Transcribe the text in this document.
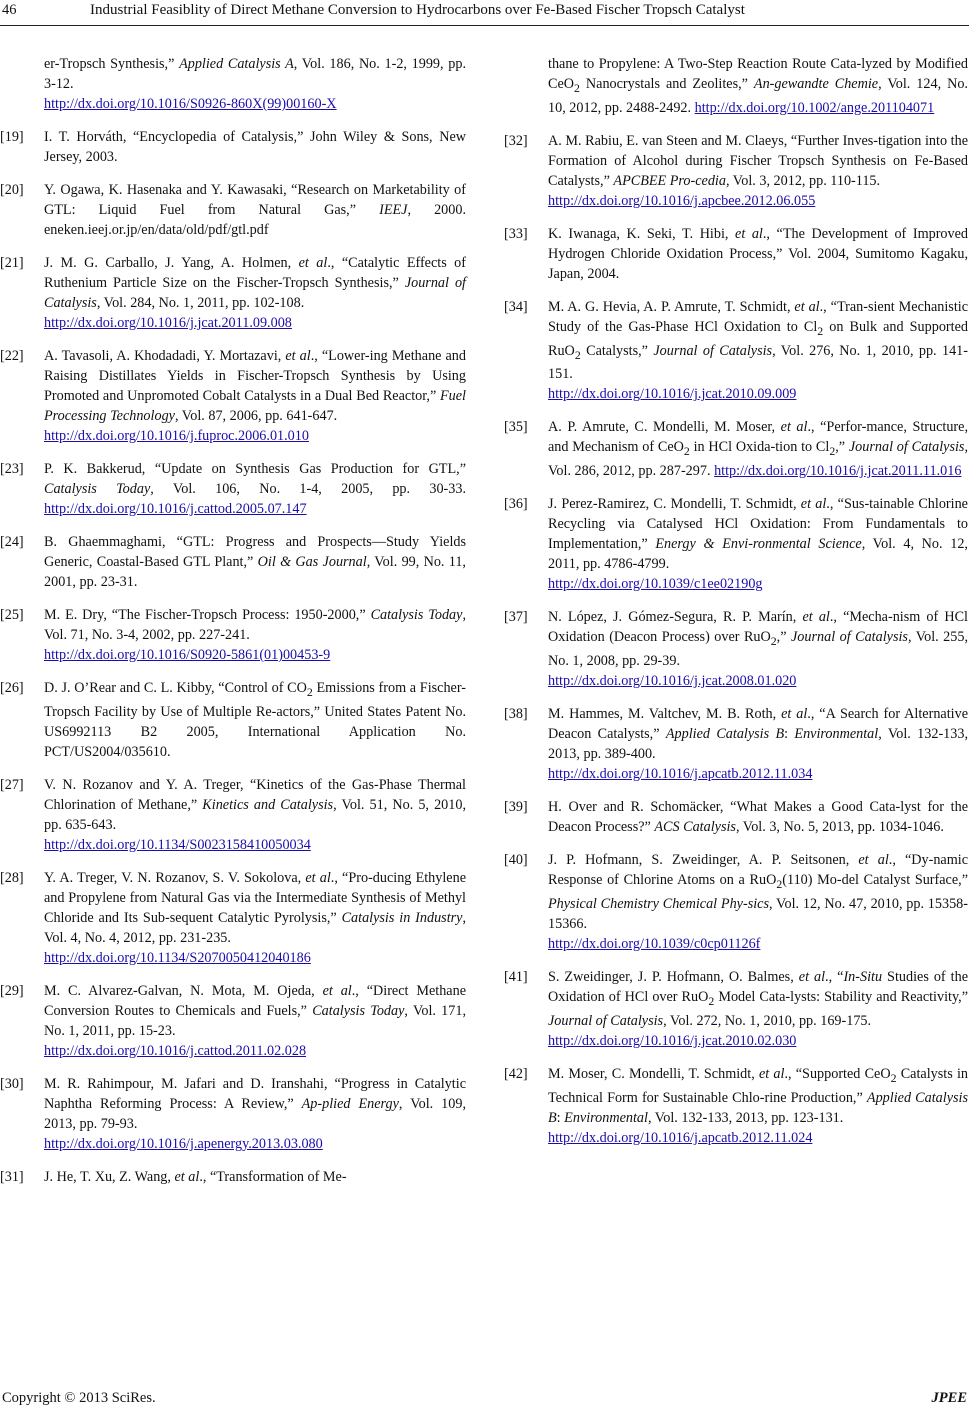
46	Industrial Feasiblity of Direct Methane Conversion to Hydrocarbons over Fe-Based Fischer Tropsch Catalyst
er-Tropsch Synthesis,” Applied Catalysis A, Vol. 186, No. 1-2, 1999, pp. 3-12.
http://dx.doi.org/10.1016/S0926-860X(99)00160-X
[19]	I. T. Horváth, “Encyclopedia of Catalysis,” John Wiley & Sons, New Jersey, 2003.
[20]	Y. Ogawa, K. Hasenaka and Y. Kawasaki, “Research on Marketability of GTL: Liquid Fuel from Natural Gas,” IEEJ, 2000. eneken.ieej.or.jp/en/data/old/pdf/gtl.pdf
[21]	J. M. G. Carballo, J. Yang, A. Holmen, et al., “Catalytic Effects of Ruthenium Particle Size on the Fischer-Tropsch Synthesis,” Journal of Catalysis, Vol. 284, No. 1, 2011, pp. 102-108.
http://dx.doi.org/10.1016/j.jcat.2011.09.008
[22]	A. Tavasoli, A. Khodadadi, Y. Mortazavi, et al., “Lower-ing Methane and Raising Distillates Yields in Fischer-Tropsch Synthesis by Using Promoted and Unpromoted Cobalt Catalysts in a Dual Bed Reactor,” Fuel Processing Technology, Vol. 87, 2006, pp. 641-647.
http://dx.doi.org/10.1016/j.fuproc.2006.01.010
[23]	P. K. Bakkerud, “Update on Synthesis Gas Production for GTL,” Catalysis Today, Vol. 106, No. 1-4, 2005, pp. 30-33. http://dx.doi.org/10.1016/j.cattod.2005.07.147
[24]	B. Ghaemmaghami, “GTL: Progress and Prospects—Study Yields Generic, Coastal-Based GTL Plant,” Oil & Gas Journal, Vol. 99, No. 11, 2001, pp. 23-31.
[25]	M. E. Dry, “The Fischer-Tropsch Process: 1950-2000,” Catalysis Today, Vol. 71, No. 3-4, 2002, pp. 227-241.
http://dx.doi.org/10.1016/S0920-5861(01)00453-9
[26]	D. J. O’Rear and C. L. Kibby, “Control of $CO_2$ Emissions from a Fischer-Tropsch Facility by Use of Multiple Re-actors,” United States Patent No. US6992113 B2 2005, International Application No. PCT/US2004/035610.
[27]	V. N. Rozanov and Y. A. Treger, “Kinetics of the Gas-Phase Thermal Chlorination of Methane,” Kinetics and Catalysis, Vol. 51, No. 5, 2010, pp. 635-643.
http://dx.doi.org/10.1134/S0023158410050034
[28]	Y. A. Treger, V. N. Rozanov, S. V. Sokolova, et al., “Pro-ducing Ethylene and Propylene from Natural Gas via the Intermediate Synthesis of Methyl Chloride and Its Sub-sequent Catalytic Pyrolysis,” Catalysis in Industry, Vol. 4, No. 4, 2012, pp. 231-235.
http://dx.doi.org/10.1134/S2070050412040186
[29]	M. C. Alvarez-Galvan, N. Mota, M. Ojeda, et al., “Direct Methane Conversion Routes to Chemicals and Fuels,” Catalysis Today, Vol. 171, No. 1, 2011, pp. 15-23.
http://dx.doi.org/10.1016/j.cattod.2011.02.028
[30]	M. R. Rahimpour, M. Jafari and D. Iranshahi, “Progress in Catalytic Naphtha Reforming Process: A Review,” Ap-plied Energy, Vol. 109, 2013, pp. 79-93.
http://dx.doi.org/10.1016/j.apenergy.2013.03.080
[31]	J. He, T. Xu, Z. Wang, et al., “Transformation of Me-
thane to Propylene: A Two-Step Reaction Route Cata-lyzed by Modified CeO$_2$ Nanocrystals and Zeolites,” An-gewandte Chemie, Vol. 124, No. 10, 2012, pp. 2488-2492. http://dx.doi.org/10.1002/ange.201104071
[32]	A. M. Rabiu, E. van Steen and M. Claeys, “Further Inves-tigation into the Formation of Alcohol during Fischer Tropsch Synthesis on Fe-Based Catalysts,” APCBEE Pro-cedia, Vol. 3, 2012, pp. 110-115.
http://dx.doi.org/10.1016/j.apcbee.2012.06.055
[33]	K. Iwanaga, K. Seki, T. Hibi, et al., “The Development of Improved Hydrogen Chloride Oxidation Process,” Vol. 2004, Sumitomo Kagaku, Japan, 2004.
[34]	M. A. G. Hevia, A. P. Amrute, T. Schmidt, et al., “Tran-sient Mechanistic Study of the Gas-Phase HCl Oxidation to $Cl_2$ on Bulk and Supported RuO$_2$ Catalysts,” Journal of Catalysis, Vol. 276, No. 1, 2010, pp. 141-151.
http://dx.doi.org/10.1016/j.jcat.2010.09.009
[35]	A. P. Amrute, C. Mondelli, M. Moser, et al., “Perfor-mance, Structure, and Mechanism of CeO$_2$ in HCl Oxida-tion to $Cl_2$,” Journal of Catalysis, Vol. 286, 2012, pp. 287-297. http://dx.doi.org/10.1016/j.jcat.2011.11.016
[36]	J. Perez-Ramirez, C. Mondelli, T. Schmidt, et al., “Sus-tainable Chlorine Recycling via Catalysed HCl Oxidation: From Fundamentals to Implementation,” Energy & Envi-ronmental Science, Vol. 4, No. 12, 2011, pp. 4786-4799.
http://dx.doi.org/10.1039/c1ee02190g
[37]	N. López, J. Gómez-Segura, R. P. Marín, et al., “Mecha-nism of HCl Oxidation (Deacon Process) over RuO$_2$,” Journal of Catalysis, Vol. 255, No. 1, 2008, pp. 29-39.
http://dx.doi.org/10.1016/j.jcat.2008.01.020
[38]	M. Hammes, M. Valtchev, M. B. Roth, et al., “A Search for Alternative Deacon Catalysts,” Applied Catalysis B: Environmental, Vol. 132-133, 2013, pp. 389-400.
http://dx.doi.org/10.1016/j.apcatb.2012.11.034
[39]	H. Over and R. Schomäcker, “What Makes a Good Cata-lyst for the Deacon Process?” ACS Catalysis, Vol. 3, No. 5, 2013, pp. 1034-1046.
[40]	J. P. Hofmann, S. Zweidinger, A. P. Seitsonen, et al., “Dy-namic Response of Chlorine Atoms on a RuO$_2$(110) Mo-del Catalyst Surface,” Physical Chemistry Chemical Phy-sics, Vol. 12, No. 47, 2010, pp. 15358-15366.
http://dx.doi.org/10.1039/c0cp01126f
[41]	S. Zweidinger, J. P. Hofmann, O. Balmes, et al., “In-Situ Studies of the Oxidation of HCl over RuO$_2$ Model Cata-lysts: Stability and Reactivity,” Journal of Catalysis, Vol. 272, No. 1, 2010, pp. 169-175.
http://dx.doi.org/10.1016/j.jcat.2010.02.030
[42]	M. Moser, C. Mondelli, T. Schmidt, et al., “Supported CeO$_2$ Catalysts in Technical Form for Sustainable Chlo-rine Production,” Applied Catalysis B: Environmental, Vol. 132-133, 2013, pp. 123-131.
http://dx.doi.org/10.1016/j.apcatb.2012.11.024
Copyright © 2013 SciRes.	JPEE
